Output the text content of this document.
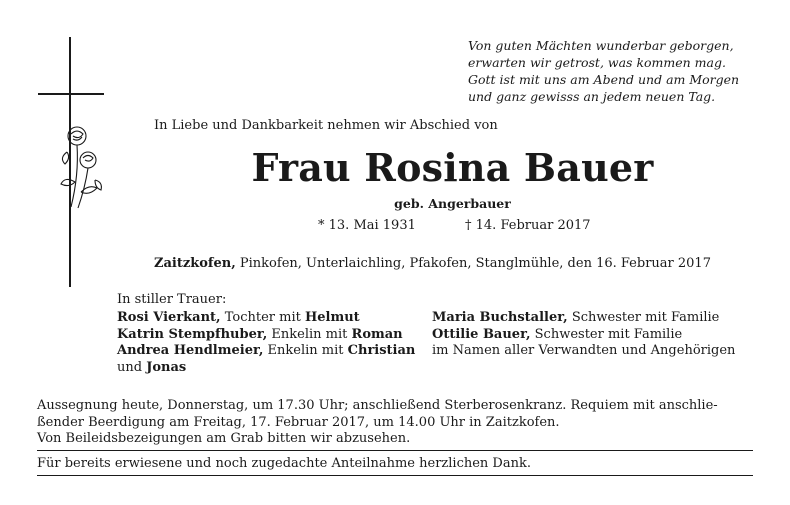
Von guten Mächten wunderbar geborgen,
erwarten wir getrost, was kommen mag.
Gott ist mit uns am Abend und am Morgen
und ganz gewisss an jedem neuen Tag.
In Liebe und Dankbarkeit nehmen wir Abschied von
Frau Rosina Bauer
geb. Angerbauer
* 13. Mai 1931	† 14. Februar 2017
Zaitzkofen, Pinkofen, Unterlaichling, Pfakofen, Stanglmühle, den 16. Februar 2017
In stiller Trauer:
Rosi Vierkant, Tochter mit Helmut
Katrin Stempfhuber, Enkelin mit Roman
Andrea Hendlmeier, Enkelin mit Christian
und Jonas
Maria Buchstaller, Schwester mit Familie
Ottilie Bauer, Schwester mit Familie
im Namen aller Verwandten und Angehörigen
Aussegnung heute, Donnerstag, um 17.30 Uhr; anschließend Sterberosenkranz. Requiem mit anschlie-
ßender Beerdigung am Freitag, 17. Februar 2017, um 14.00 Uhr in Zaitzkofen.
Von Beileidsbezeigungen am Grab bitten wir abzusehen.
Für bereits erwiesene und noch zugedachte Anteilnahme herzlichen Dank.
